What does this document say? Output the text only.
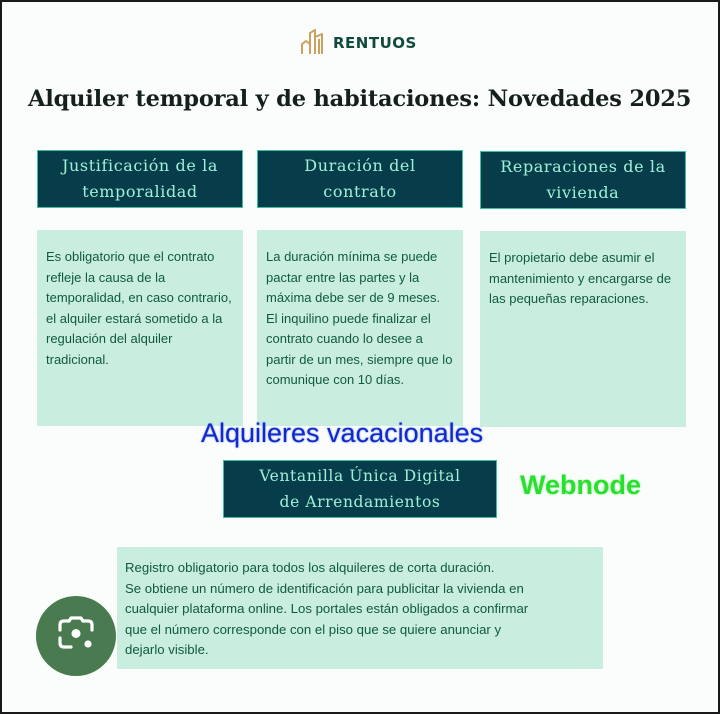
RENTUOS
Alquiler temporal y de habitaciones: Novedades 2025
Justificación de la
temporalidad
Es obligatorio que el contrato refleje la causa de la temporalidad, en caso contrario, el alquiler estará sometido a la regulación del alquiler tradicional.
Duración del
contrato
La duración mínima se puede pactar entre las partes y la máxima debe ser de 9 meses. El inquilino puede finalizar el contrato cuando lo desee a partir de un mes, siempre que lo comunique con 10 días.
Reparaciones de la
vivienda
El propietario debe asumir el mantenimiento y encargarse de las pequeñas reparaciones.
Alquileres vacacionales
Ventanilla Única Digital
de Arrendamientos
Webnode
Registro obligatorio para todos los alquileres de corta duración.
Se obtiene un número de identificación para publicitar la vivienda en
cualquier plataforma online. Los portales están obligados a confirmar
que el número corresponde con el piso que se quiere anunciar y
dejarlo visible.
